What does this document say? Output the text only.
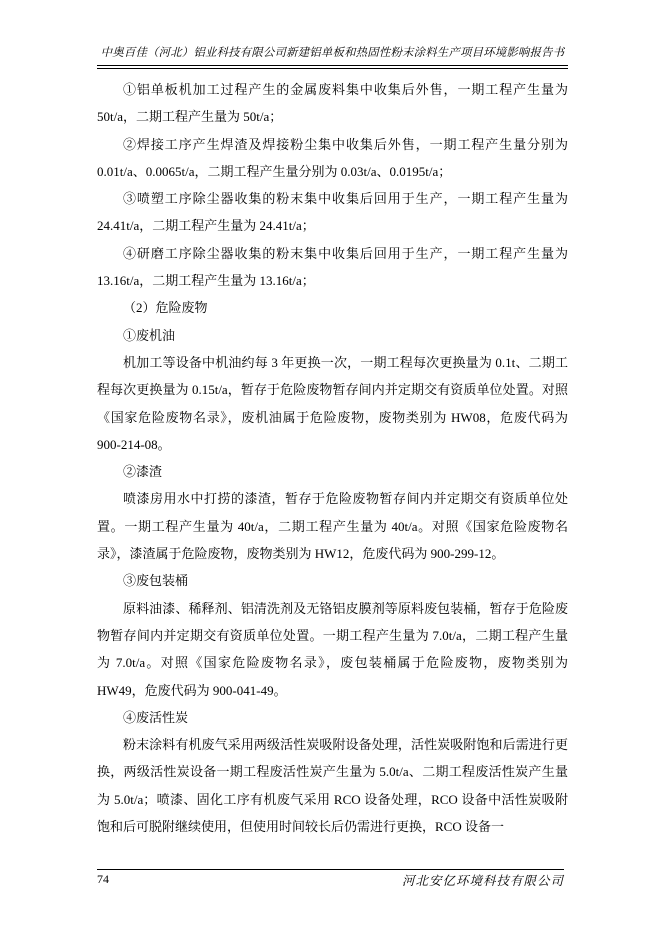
中奥百佳（河北）铝业科技有限公司新建铝单板和热固性粉末涂料生产项目环境影响报告书

①铝单板机加工过程产生的金属废料集中收集后外售，一期工程产生量为 50t/a，二期工程产生量为 50t/a；

②焊接工序产生焊渣及焊接粉尘集中收集后外售，一期工程产生量分别为 0.01t/a、0.0065t/a，二期工程产生量分别为 0.03t/a、0.0195t/a；

③喷塑工序除尘器收集的粉末集中收集后回用于生产，一期工程产生量为 24.41t/a，二期工程产生量为 24.41t/a；

④研磨工序除尘器收集的粉末集中收集后回用于生产，一期工程产生量为 13.16t/a，二期工程产生量为 13.16t/a；

（2）危险废物

①废机油

机加工等设备中机油约每 3 年更换一次，一期工程每次更换量为 0.1t、二期工程每次更换量为 0.15t/a，暂存于危险废物暂存间内并定期交有资质单位处置。对照《国家危险废物名录》，废机油属于危险废物，废物类别为 HW08，危废代码为 900-214-08。

②漆渣

喷漆房用水中打捞的漆渣，暂存于危险废物暂存间内并定期交有资质单位处置。一期工程产生量为 40t/a，二期工程产生量为 40t/a。对照《国家危险废物名录》，漆渣属于危险废物，废物类别为 HW12，危废代码为 900-299-12。

③废包装桶

原料油漆、稀释剂、铝清洗剂及无铬铝皮膜剂等原料废包装桶，暂存于危险废物暂存间内并定期交有资质单位处置。一期工程产生量为 7.0t/a，二期工程产生量为 7.0t/a。对照《国家危险废物名录》，废包装桶属于危险废物，废物类别为 HW49，危废代码为 900-041-49。

④废活性炭

粉末涂料有机废气采用两级活性炭吸附设备处理，活性炭吸附饱和后需进行更换，两级活性炭设备一期工程废活性炭产生量为 5.0t/a、二期工程废活性炭产生量为 5.0t/a；喷漆、固化工序有机废气采用 RCO 设备处理，RCO 设备中活性炭吸附饱和后可脱附继续使用，但使用时间较长后仍需进行更换，RCO 设备一

74	河北安亿环境科技有限公司
